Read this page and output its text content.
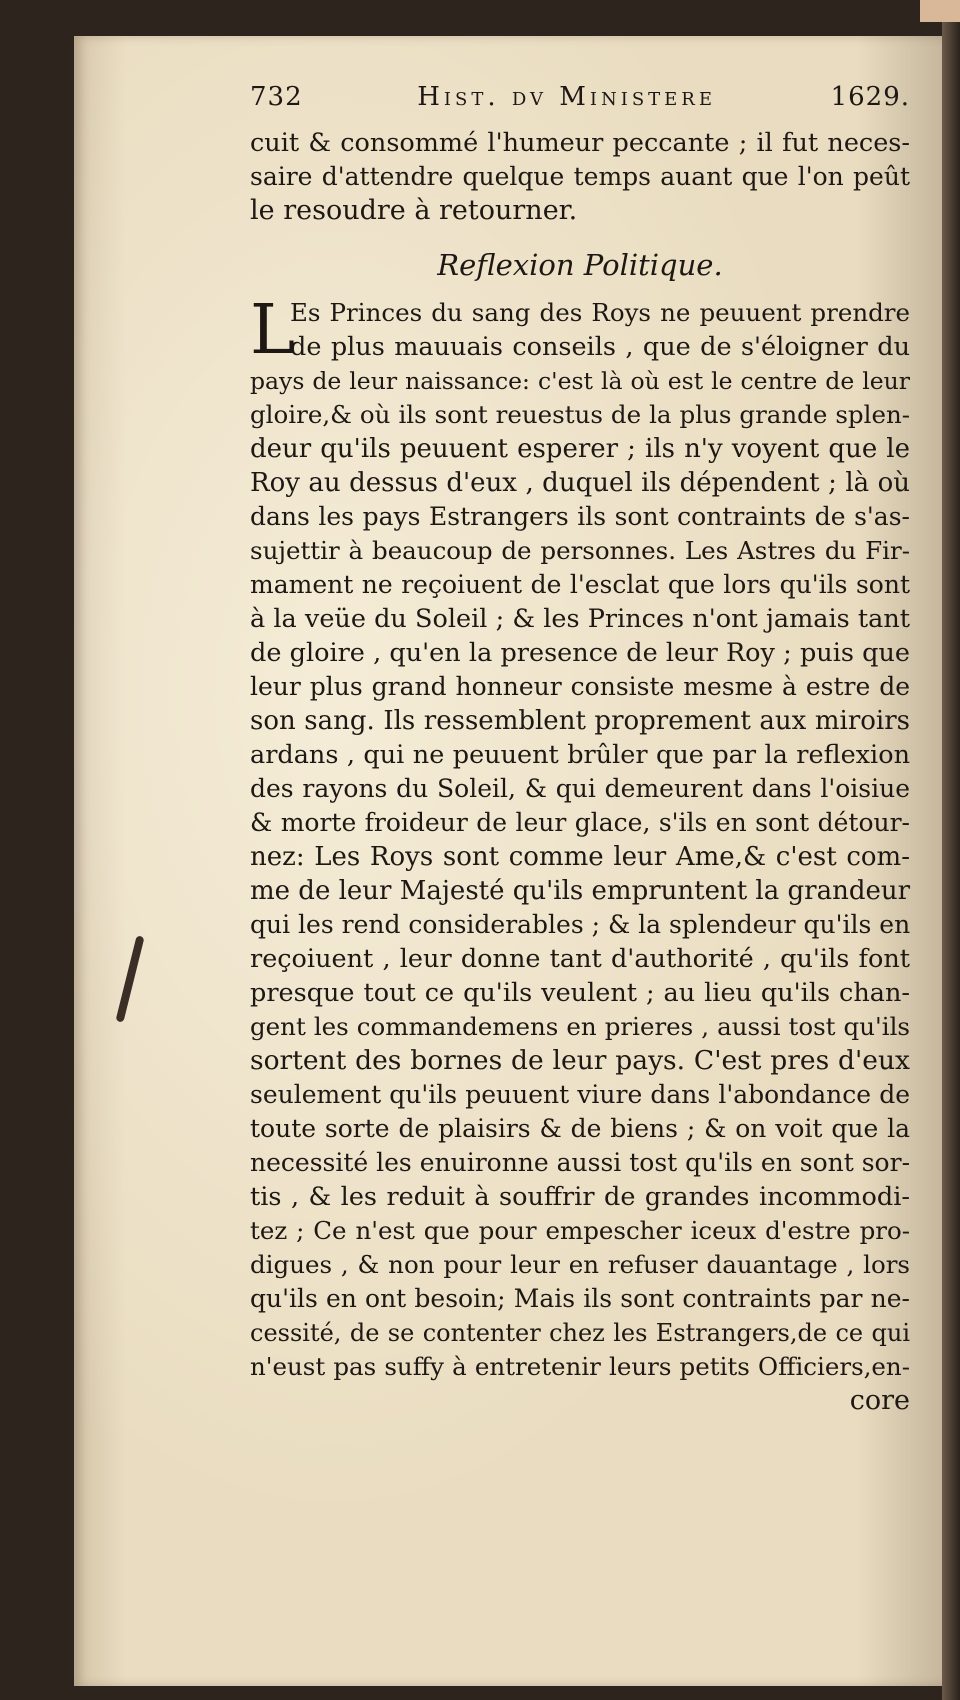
732	Hist. dv Ministere	1629.
cuit & consommé l'humeur peccante ; il fut neces-
saire d'attendre quelque temps auant que l'on peût
le resoudre à retourner.
Reflexion Politique.
L
Es Princes du sang des Roys ne peuuent prendre
de plus mauuais conseils , que de s'éloigner du
pays de leur naissance: c'est là où est le centre de leur
gloire,& où ils sont reuestus de la plus grande splen-
deur qu'ils peuuent esperer ; ils n'y voyent que le
Roy au dessus d'eux , duquel ils dépendent ; là où
dans les pays Estrangers ils sont contraints de s'as-
sujettir à beaucoup de personnes. Les Astres du Fir-
mament ne reçoiuent de l'esclat que lors qu'ils sont
à la veüe du Soleil ; & les Princes n'ont jamais tant
de gloire , qu'en la presence de leur Roy ; puis que
leur plus grand honneur consiste mesme à estre de
son sang. Ils ressemblent proprement aux miroirs
ardans , qui ne peuuent brûler que par la reflexion
des rayons du Soleil, & qui demeurent dans l'oisiue
& morte froideur de leur glace, s'ils en sont détour-
nez: Les Roys sont comme leur Ame,& c'est com-
me de leur Majesté qu'ils empruntent la grandeur
qui les rend considerables ; & la splendeur qu'ils en
reçoiuent , leur donne tant d'authorité , qu'ils font
presque tout ce qu'ils veulent ; au lieu qu'ils chan-
gent les commandemens en prieres , aussi tost qu'ils
sortent des bornes de leur pays. C'est pres d'eux
seulement qu'ils peuuent viure dans l'abondance de
toute sorte de plaisirs & de biens ; & on voit que la
necessité les enuironne aussi tost qu'ils en sont sor-
tis , & les reduit à souffrir de grandes incommodi-
tez ; Ce n'est que pour empescher iceux d'estre pro-
digues , & non pour leur en refuser dauantage , lors
qu'ils en ont besoin; Mais ils sont contraints par ne-
cessité, de se contenter chez les Estrangers,de ce qui
n'eust pas suffy à entretenir leurs petits Officiers,en-
core
